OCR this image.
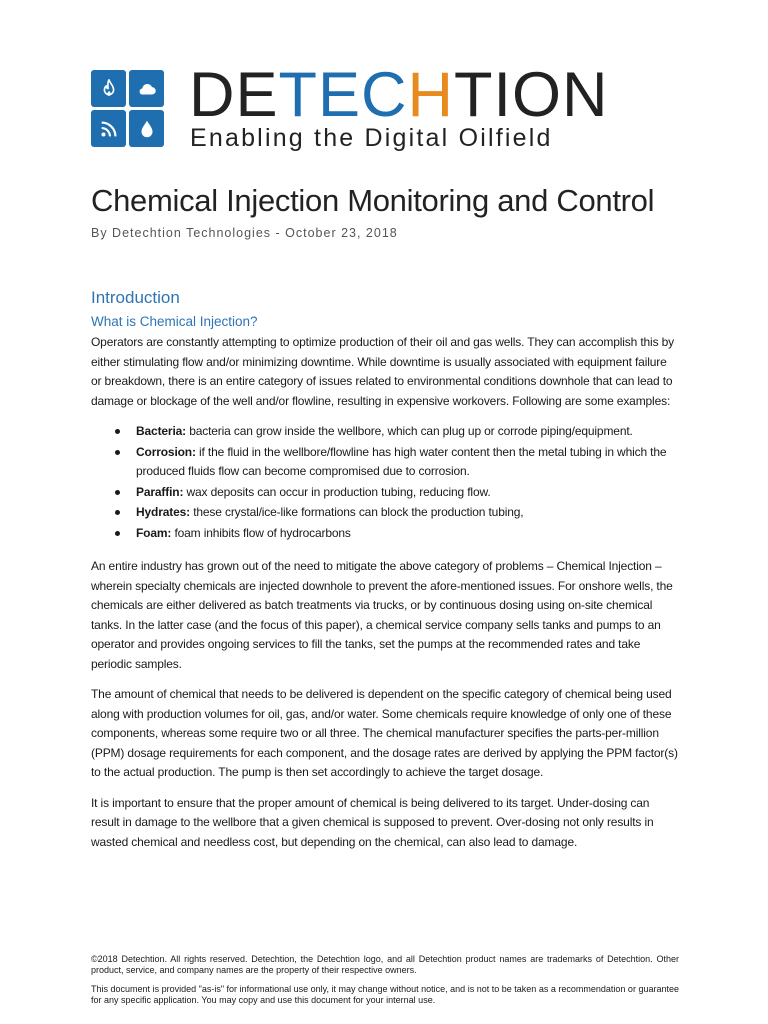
DETECHTION
Enabling the Digital Oilfield
Chemical Injection Monitoring and Control
By Detechtion Technologies - October 23, 2018
Introduction
What is Chemical Injection?

Operators are constantly attempting to optimize production of their oil and gas wells. They can accomplish this by either stimulating flow and/or minimizing downtime. While downtime is usually associated with equipment failure or breakdown, there is an entire category of issues related to environmental conditions downhole that can lead to damage or blockage of the well and/or flowline, resulting in expensive workovers. Following are some examples:

Bacteria: bacteria can grow inside the wellbore, which can plug up or corrode piping/equipment.
Corrosion: if the fluid in the wellbore/flowline has high water content then the metal tubing in which the produced fluids flow can become compromised due to corrosion.
Paraffin: wax deposits can occur in production tubing, reducing flow.
Hydrates: these crystal/ice-like formations can block the production tubing,
Foam: foam inhibits flow of hydrocarbons

An entire industry has grown out of the need to mitigate the above category of problems – Chemical Injection – wherein specialty chemicals are injected downhole to prevent the afore-mentioned issues. For onshore wells, the chemicals are either delivered as batch treatments via trucks, or by continuous dosing using on-site chemical tanks. In the latter case (and the focus of this paper), a chemical service company sells tanks and pumps to an operator and provides ongoing services to fill the tanks, set the pumps at the recommended rates and take periodic samples.

The amount of chemical that needs to be delivered is dependent on the specific category of chemical being used along with production volumes for oil, gas, and/or water. Some chemicals require knowledge of only one of these components, whereas some require two or all three. The chemical manufacturer specifies the parts-per-million (PPM) dosage requirements for each component, and the dosage rates are derived by applying the PPM factor(s) to the actual production. The pump is then set accordingly to achieve the target dosage.

It is important to ensure that the proper amount of chemical is being delivered to its target. Under-dosing can result in damage to the wellbore that a given chemical is supposed to prevent. Over-dosing not only results in wasted chemical and needless cost, but depending on the chemical, can also lead to damage.

©2018 Detechtion. All rights reserved. Detechtion, the Detechtion logo, and all Detechtion product names are trademarks of Detechtion. Other product, service, and company names are the property of their respective owners.

This document is provided "as-is" for informational use only, it may change without notice, and is not to be taken as a recommendation or guarantee for any specific application. You may copy and use this document for your internal use.
